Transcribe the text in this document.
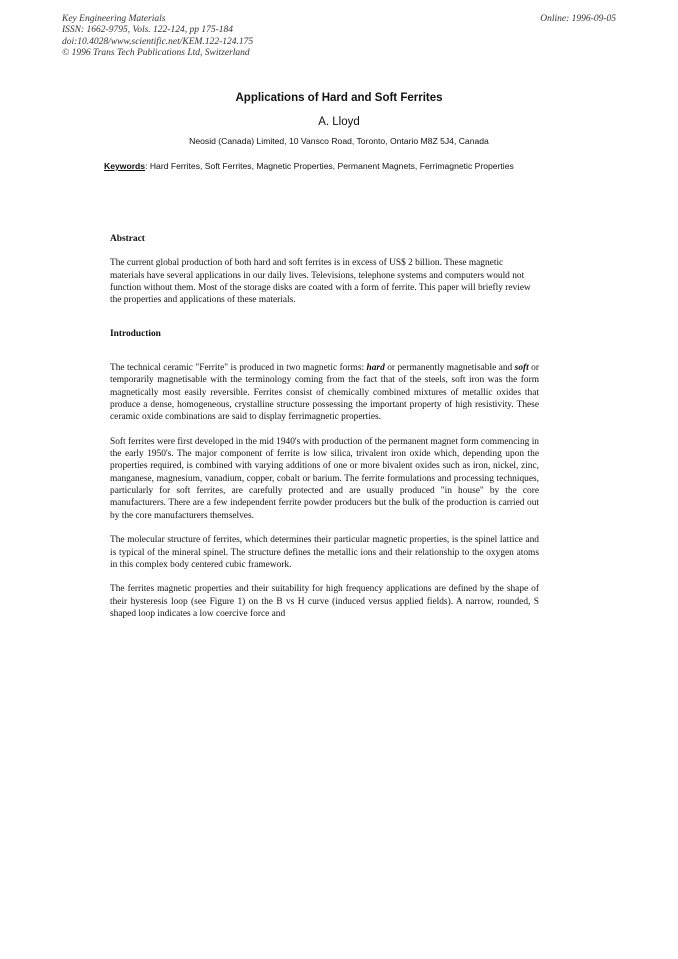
Key Engineering Materials
ISSN: 1662-9795, Vols. 122-124, pp 175-184
doi:10.4028/www.scientific.net/KEM.122-124.175
© 1996 Trans Tech Publications Ltd, Switzerland
Online: 1996-09-05
Applications of Hard and Soft Ferrites
A. Lloyd
Neosid (Canada) Limited, 10 Vansco Road, Toronto, Ontario M8Z 5J4, Canada
Keywords: Hard Ferrites, Soft Ferrites, Magnetic Properties, Permanent Magnets, Ferrimagnetic Properties
Abstract

The current global production of both hard and soft ferrites is in excess of US$ 2 billion. These magnetic materials have several applications in our daily lives. Televisions, telephone systems and computers would not function without them. Most of the storage disks are coated with a form of ferrite. This paper will briefly review the properties and applications of these materials.

Introduction

The technical ceramic "Ferrite" is produced in two magnetic forms: hard or permanently magnetisable and soft or temporarily magnetisable with the terminology coming from the fact that of the steels, soft iron was the form magnetically most easily reversible. Ferrites consist of chemically combined mixtures of metallic oxides that produce a dense, homogeneous, crystalline structure possessing the important property of high resistivity. These ceramic oxide combinations are said to display ferrimagnetic properties.

Soft ferrites were first developed in the mid 1940's with production of the permanent magnet form commencing in the early 1950's. The major component of ferrite is low silica, trivalent iron oxide which, depending upon the properties required, is combined with varying additions of one or more bivalent oxides such as iron, nickel, zinc, manganese, magnesium, vanadium, copper, cobalt or barium. The ferrite formulations and processing techniques, particularly for soft ferrites, are carefully protected and are usually produced "in house" by the core manufacturers. There are a few independent ferrite powder producers but the bulk of the production is carried out by the core manufacturers themselves.

The molecular structure of ferrites, which determines their particular magnetic properties, is the spinel lattice and is typical of the mineral spinel. The structure defines the metallic ions and their relationship to the oxygen atoms in this complex body centered cubic framework.

The ferrites magnetic properties and their suitability for high frequency applications are defined by the shape of their hysteresis loop (see Figure 1) on the B vs H curve (induced versus applied fields). A narrow, rounded, S shaped loop indicates a low coercive force and
